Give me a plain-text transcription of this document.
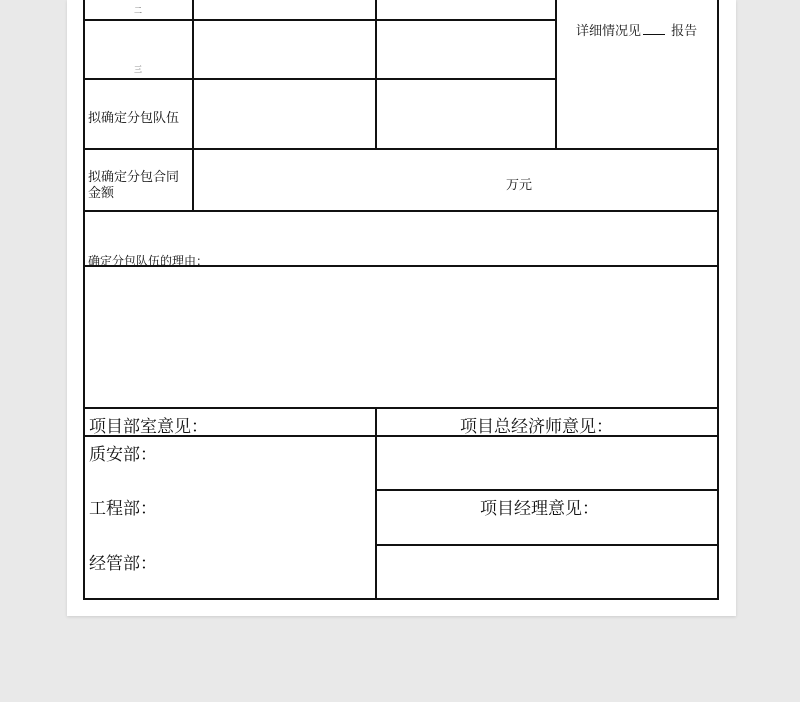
二
三
拟确定分包队伍
拟确定分包合同
金额
万元
详细情况见 报告
确定分包队伍的理由：
项目部室意见：
质安部：
工程部：
经管部：
项目总经济师意见：
项目经理意见：
